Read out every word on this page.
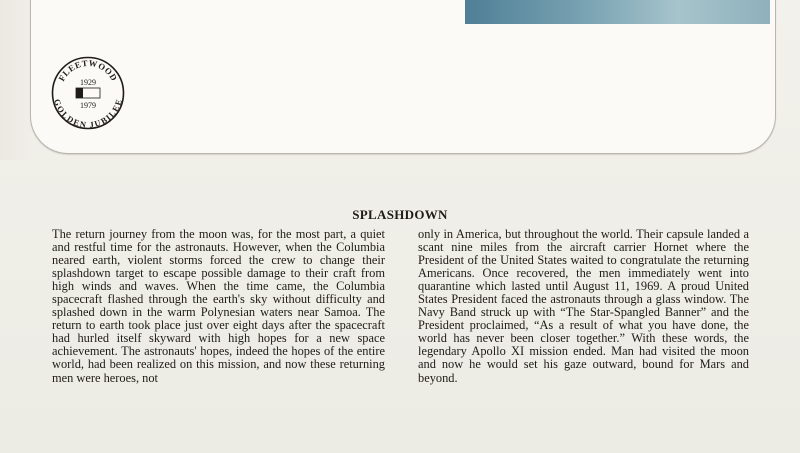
FLEETWOOD
GOLDEN JUBILEE
1929
1979
SPLASHDOWN

The return journey from the moon was, for the most part, a quiet and restful time for the astronauts. However, when the Columbia neared earth, violent storms forced the crew to change their splashdown target to escape possible damage to their craft from high winds and waves. When the time came, the Columbia spacecraft flashed through the earth's sky without difficulty and splashed down in the warm Polynesian waters near Samoa. The return to earth took place just over eight days after the spacecraft had hurled itself skyward with high hopes for a new space achievement. The astronauts' hopes, indeed the hopes of the entire world, had been realized on this mission, and now these returning men were heroes, not

only in America, but throughout the world. Their capsule landed a scant nine miles from the aircraft carrier Hornet where the President of the United States waited to congratulate the returning Americans. Once recovered, the men immediately went into quarantine which lasted until August 11, 1969. A proud United States President faced the astronauts through a glass window. The Navy Band struck up with “The Star-Spangled Banner” and the President proclaimed, “As a result of what you have done, the world has never been closer together.” With these words, the legendary Apollo XI mission ended. Man had visited the moon and now he would set his gaze outward, bound for Mars and beyond.
